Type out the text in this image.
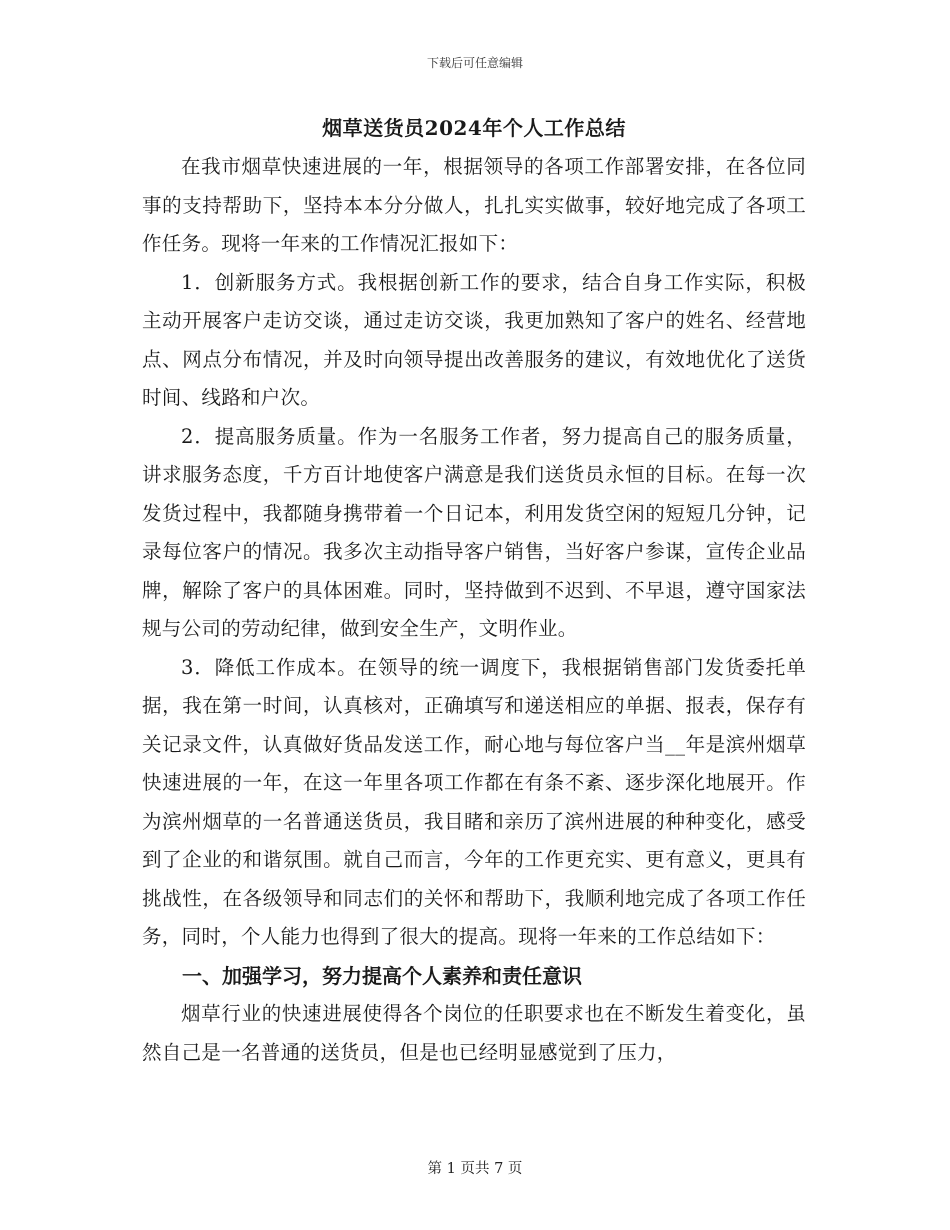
下载后可任意编辑
烟草送货员2024年个人工作总结

在我市烟草快速进展的一年，根据领导的各项工作部署安排，在各位同事的支持帮助下，坚持本本分分做人，扎扎实实做事，较好地完成了各项工作任务。现将一年来的工作情况汇报如下：

1．创新服务方式。我根据创新工作的要求，结合自身工作实际，积极主动开展客户走访交谈，通过走访交谈，我更加熟知了客户的姓名、经营地点、网点分布情况，并及时向领导提出改善服务的建议，有效地优化了送货时间、线路和户次。

2．提高服务质量。作为一名服务工作者，努力提高自己的服务质量，讲求服务态度，千方百计地使客户满意是我们送货员永恒的目标。在每一次发货过程中，我都随身携带着一个日记本，利用发货空闲的短短几分钟，记录每位客户的情况。我多次主动指导客户销售，当好客户参谋，宣传企业品牌，解除了客户的具体困难。同时，坚持做到不迟到、不早退，遵守国家法规与公司的劳动纪律，做到安全生产，文明作业。

3．降低工作成本。在领导的统一调度下，我根据销售部门发货委托单据，我在第一时间，认真核对，正确填写和递送相应的单据、报表，保存有关记录文件，认真做好货品发送工作，耐心地与每位客户当__年是滨州烟草快速进展的一年，在这一年里各项工作都在有条不紊、逐步深化地展开。作为滨州烟草的一名普通送货员，我目睹和亲历了滨州进展的种种变化，感受到了企业的和谐氛围。就自己而言，今年的工作更充实、更有意义，更具有挑战性，在各级领导和同志们的关怀和帮助下，我顺利地完成了各项工作任务，同时，个人能力也得到了很大的提高。现将一年来的工作总结如下：

一、加强学习，努力提高个人素养和责任意识

烟草行业的快速进展使得各个岗位的任职要求也在不断发生着变化，虽然自己是一名普通的送货员，但是也已经明显感觉到了压力，

第 1 页共 7 页
